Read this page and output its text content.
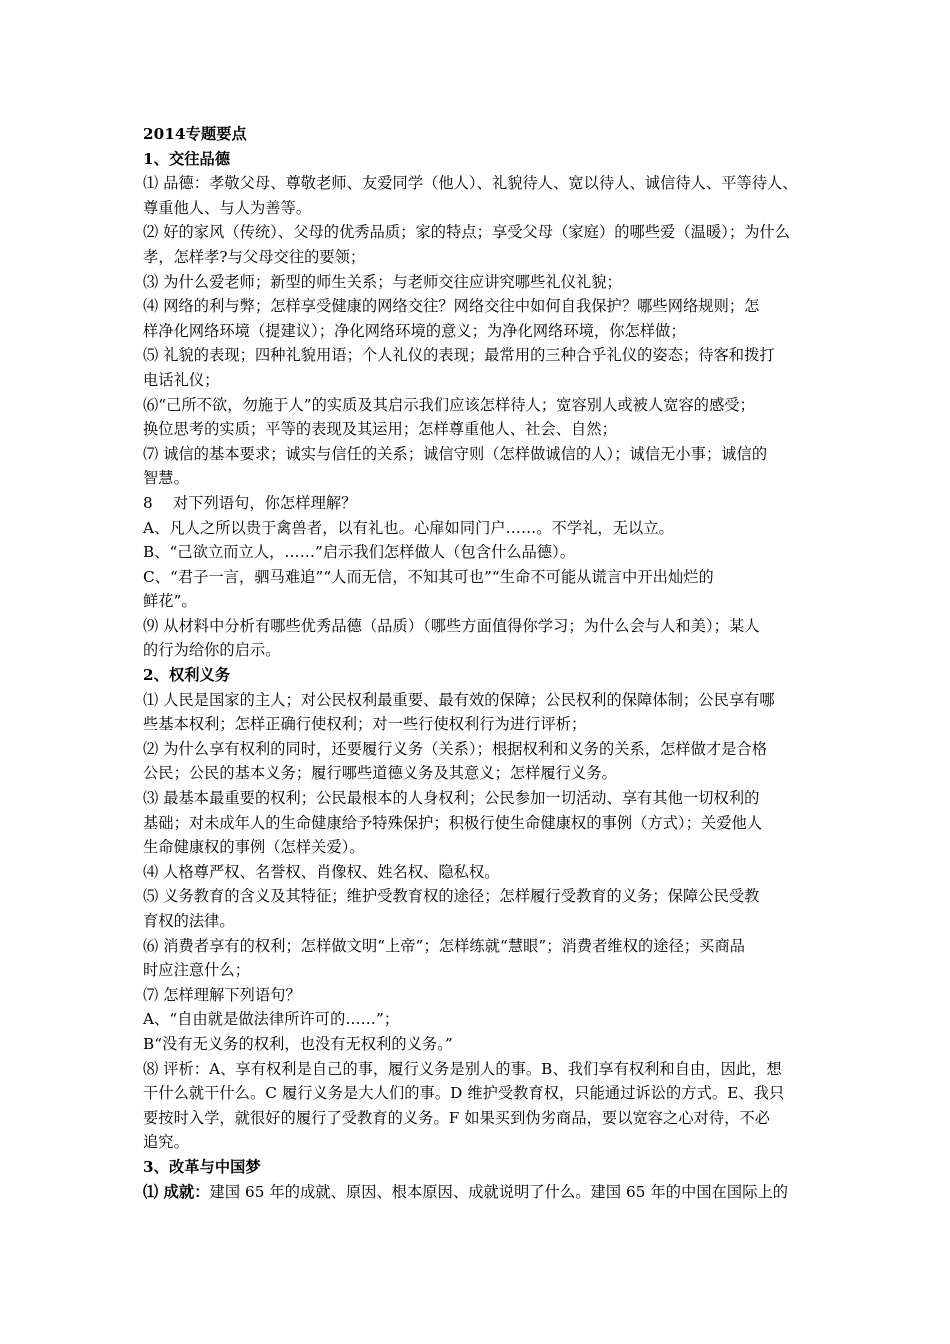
2014专题要点
1、交往品德
⑴ 品德：孝敬父母、尊敬老师、友爱同学（他人）、礼貌待人、宽以待人、诚信待人、平等待人、
尊重他人、与人为善等。
⑵ 好的家风（传统）、父母的优秀品质；家的特点；享受父母（家庭）的哪些爱（温暖）；为什么
孝，怎样孝?与父母交往的要领；
⑶ 为什么爱老师；新型的师生关系；与老师交往应讲究哪些礼仪礼貌；
⑷ 网络的利与弊；怎样享受健康的网络交往？网络交往中如何自我保护？哪些网络规则；怎
样净化网络环境（提建议）；净化网络环境的意义；为净化网络环境，你怎样做；
⑸ 礼貌的表现；四种礼貌用语；个人礼仪的表现；最常用的三种合乎礼仪的姿态；待客和拨打
电话礼仪；
⑹“己所不欲，勿施于人”的实质及其启示我们应该怎样待人；宽容别人或被人宽容的感受；
换位思考的实质；平等的表现及其运用；怎样尊重他人、社会、自然；
⑺ 诚信的基本要求；诚实与信任的关系；诚信守则（怎样做诚信的人）；诚信无小事；诚信的
智慧。
8　 对下列语句，你怎样理解？
A、凡人之所以贵于禽兽者，以有礼也。心扉如同门户……。不学礼，无以立。
B、“己欲立而立人，……”启示我们怎样做人（包含什么品德）。
C、“君子一言，驷马难追”“人而无信，不知其可也”“生命不可能从谎言中开出灿烂的
鲜花”。
⑼ 从材料中分析有哪些优秀品德（品质）（哪些方面值得你学习；为什么会与人和美）；某人
的行为给你的启示。
2、权利义务
⑴ 人民是国家的主人；对公民权利最重要、最有效的保障；公民权利的保障体制；公民享有哪
些基本权利；怎样正确行使权利；对一些行使权利行为进行评析；
⑵ 为什么享有权利的同时，还要履行义务（关系）；根据权利和义务的关系，怎样做才是合格
公民；公民的基本义务；履行哪些道德义务及其意义；怎样履行义务。
⑶ 最基本最重要的权利；公民最根本的人身权利；公民参加一切活动、享有其他一切权利的
基础；对未成年人的生命健康给予特殊保护；积极行使生命健康权的事例（方式）；关爱他人
生命健康权的事例（怎样关爱）。
⑷ 人格尊严权、名誉权、肖像权、姓名权、隐私权。
⑸ 义务教育的含义及其特征；维护受教育权的途径；怎样履行受教育的义务；保障公民受教
育权的法律。
⑹ 消费者享有的权利；怎样做文明“上帝”；怎样练就“慧眼”；消费者维权的途径；买商品
时应注意什么；
⑺ 怎样理解下列语句？
A、“自由就是做法律所许可的……”；
B“没有无义务的权利，也没有无权利的义务。”
⑻ 评析：A、享有权利是自己的事，履行义务是别人的事。B、我们享有权利和自由，因此，想
干什么就干什么。C 履行义务是大人们的事。D 维护受教育权，只能通过诉讼的方式。E、我只
要按时入学，就很好的履行了受教育的义务。F 如果买到伪劣商品，要以宽容之心对待，不必
追究。
3、改革与中国梦
⑴ 成就：建国 65 年的成就、原因、根本原因、成就说明了什么。建国 65 年的中国在国际上的
